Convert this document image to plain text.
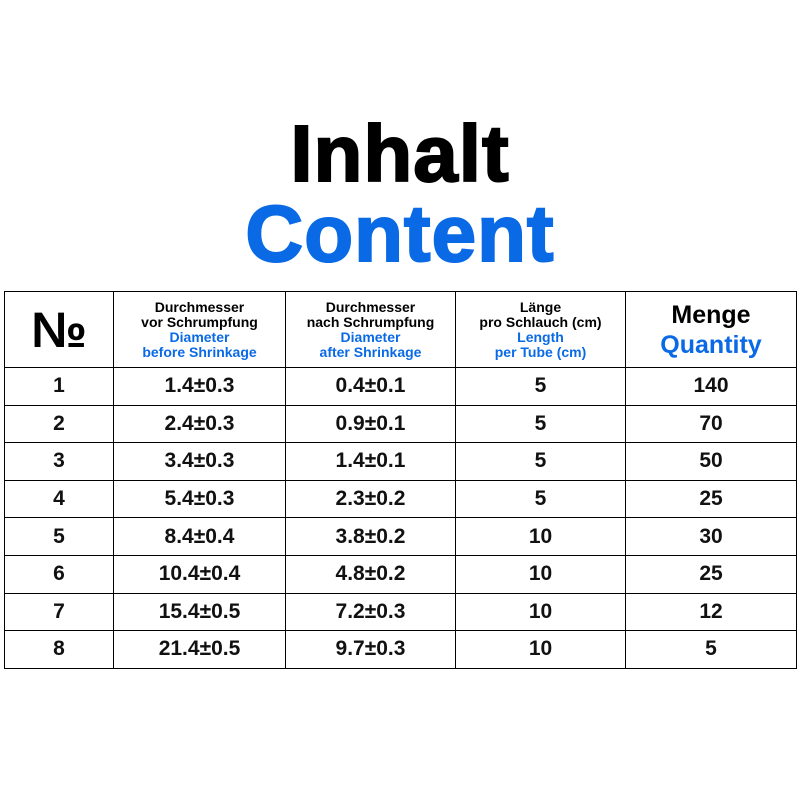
Inhalt
Content
№	Durchmesser
vor Schrumpfung
Diameter
before Shrinkage	Durchmesser
nach Schrumpfung
Diameter
after Shrinkage	Länge
pro Schlauch (cm)
Length
per Tube (cm)	Menge
Quantity

1	1.4±0.3	0.4±0.1	5	140
2	2.4±0.3	0.9±0.1	5	70
3	3.4±0.3	1.4±0.1	5	50
4	5.4±0.3	2.3±0.2	5	25
5	8.4±0.4	3.8±0.2	10	30
6	10.4±0.4	4.8±0.2	10	25
7	15.4±0.5	7.2±0.3	10	12
8	21.4±0.5	9.7±0.3	10	5
